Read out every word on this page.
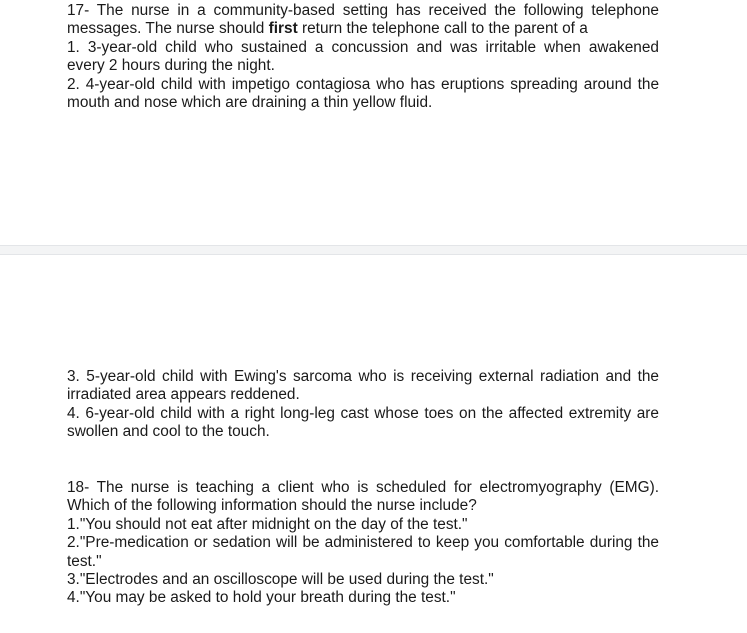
17- The nurse in a community-based setting has received the following telephone messages. The nurse should first return the telephone call to the parent of a

1. 3-year-old child who sustained a concussion and was irritable when awakened every 2 hours during the night.

2. 4-year-old child with impetigo contagiosa who has eruptions spreading around the mouth and nose which are draining a thin yellow fluid.

3. 5-year-old child with Ewing's sarcoma who is receiving external radiation and the irradiated area appears reddened.

4. 6-year-old child with a right long-leg cast whose toes on the affected extremity are swollen and cool to the touch.

18- The nurse is teaching a client who is scheduled for electromyography (EMG). Which of the following information should the nurse include?

1."You should not eat after midnight on the day of the test."

2."Pre-medication or sedation will be administered to keep you comfortable during the test."

3."Electrodes and an oscilloscope will be used during the test."

4."You may be asked to hold your breath during the test."
